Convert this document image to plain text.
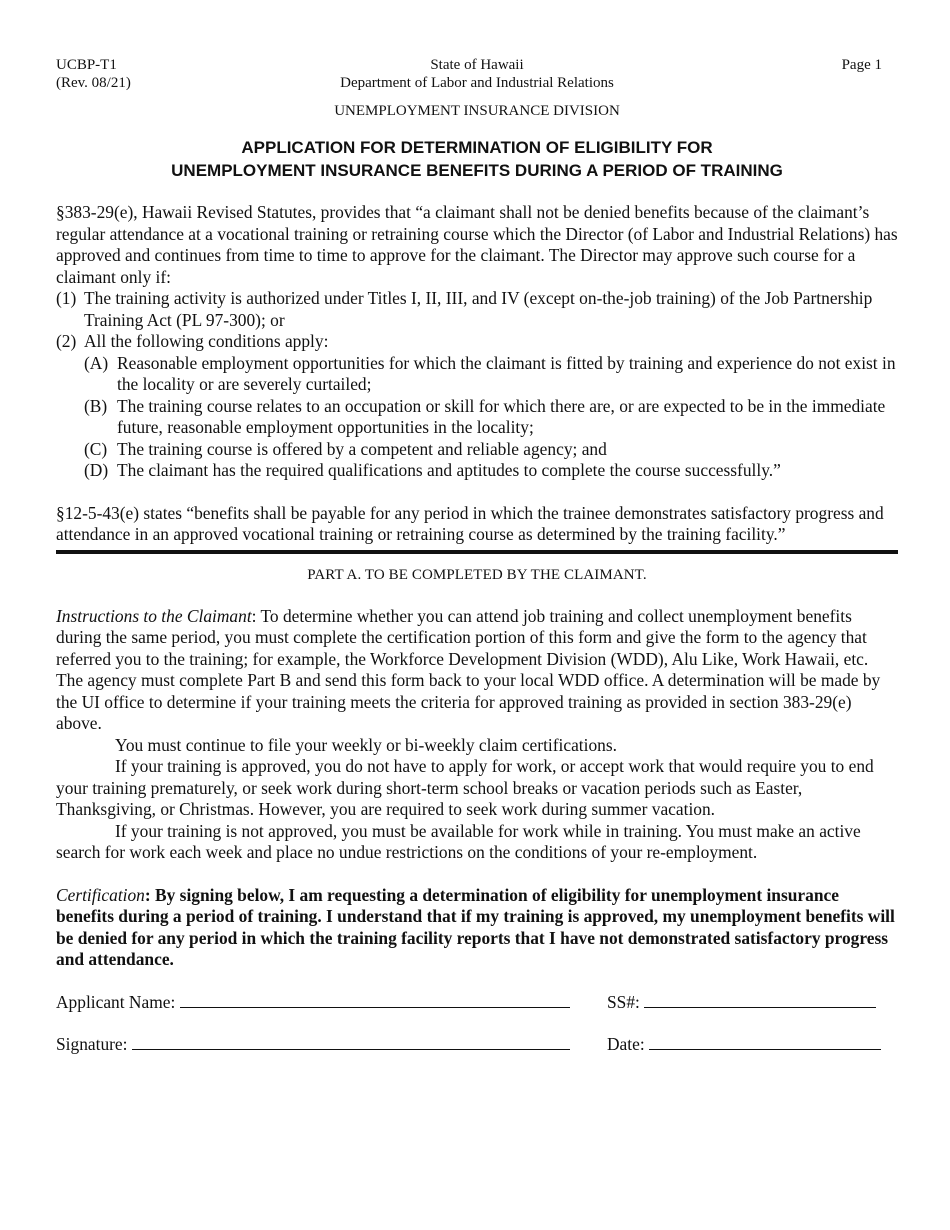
UCBP-T1
(Rev. 08/21)
State of Hawaii
Department of Labor and Industrial Relations
Page 1
UNEMPLOYMENT INSURANCE DIVISION
APPLICATION FOR DETERMINATION OF ELIGIBILITY FOR
UNEMPLOYMENT INSURANCE BENEFITS DURING A PERIOD OF TRAINING

§383-29(e), Hawaii Revised Statutes, provides that “a claimant shall not be denied benefits because of the claimant’s regular attendance at a vocational training or retraining course which the Director (of Labor and Industrial Relations) has approved and continues from time to time to approve for the claimant. The Director may approve such course for a claimant only if:

(1) The training activity is authorized under Titles I, II, III, and IV (except on-the-job training) of the Job Partnership Training Act (PL 97-300); or
(2) All the following conditions apply:
(A) Reasonable employment opportunities for which the claimant is fitted by training and experience do not exist in the locality or are severely curtailed;
(B) The training course relates to an occupation or skill for which there are, or are expected to be in the immediate future, reasonable employment opportunities in the locality;
(C) The training course is offered by a competent and reliable agency; and
(D) The claimant has the required qualifications and aptitudes to complete the course successfully.”

§12-5-43(e) states “benefits shall be payable for any period in which the trainee demonstrates satisfactory progress and attendance in an approved vocational training or retraining course as determined by the training facility.”

PART A. TO BE COMPLETED BY THE CLAIMANT.

Instructions to the Claimant: To determine whether you can attend job training and collect unemployment benefits during the same period, you must complete the certification portion of this form and give the form to the agency that referred you to the training; for example, the Workforce Development Division (WDD), Alu Like, Work Hawaii, etc. The agency must complete Part B and send this form back to your local WDD office. A determination will be made by the UI office to determine if your training meets the criteria for approved training as provided in section 383-29(e) above.

You must continue to file your weekly or bi-weekly claim certifications.

If your training is approved, you do not have to apply for work, or accept work that would require you to end your training prematurely, or seek work during short-term school breaks or vacation periods such as Easter, Thanksgiving, or Christmas. However, you are required to seek work during summer vacation.

If your training is not approved, you must be available for work while in training. You must make an active search for work each week and place no undue restrictions on the conditions of your re-employment.

Certification: By signing below, I am requesting a determination of eligibility for unemployment insurance benefits during a period of training. I understand that if my training is approved, my unemployment benefits will be denied for any period in which the training facility reports that I have not demonstrated satisfactory progress and attendance.

Applicant Name:	SS#:
Signature:	Date:
